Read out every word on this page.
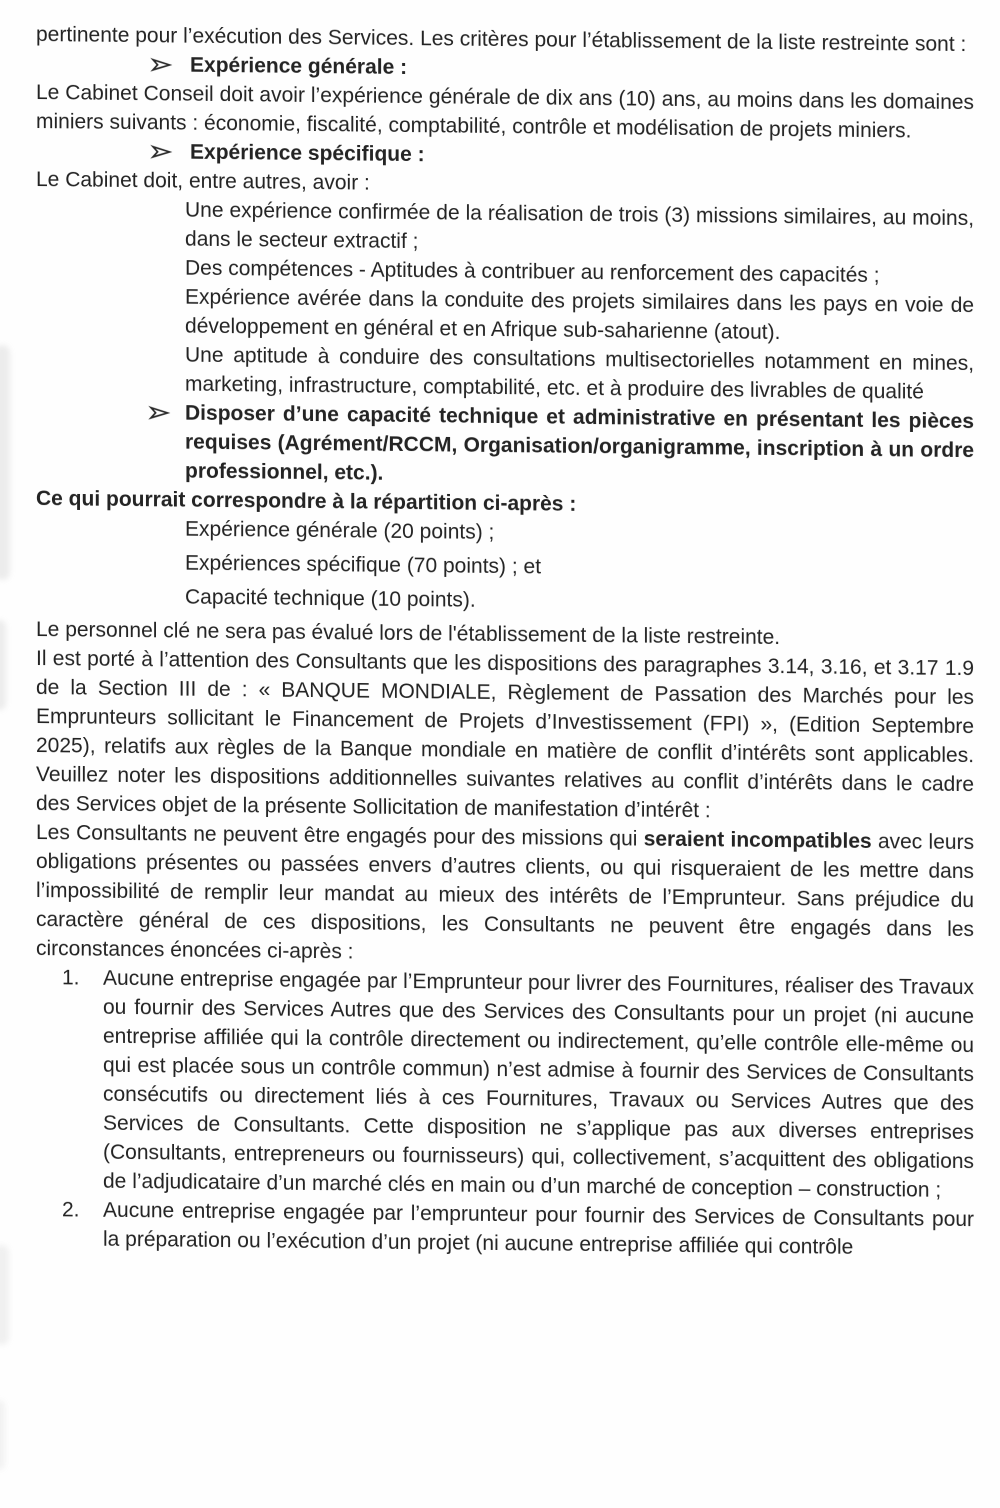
pertinente pour l’exécution des Services. Les critères pour l’établissement de la liste restreinte sont :

Expérience générale :

Le Cabinet Conseil doit avoir l’expérience générale de dix ans (10) ans, au moins dans les domaines miniers suivants : économie, fiscalité, comptabilité, contrôle et modélisation de projets miniers.

Expérience spécifique :

Le Cabinet doit, entre autres, avoir :

Une expérience confirmée de la réalisation de trois (3) missions similaires, au moins, dans le secteur extractif ;
Des compétences - Aptitudes à contribuer au renforcement des capacités ;
Expérience avérée dans la conduite des projets similaires dans les pays en voie de développement en général et en Afrique sub-saharienne (atout).
Une aptitude à conduire des consultations multisectorielles notamment en mines, marketing, infrastructure, comptabilité, etc. et à produire des livrables de qualité
Disposer d’une capacité technique et administrative en présentant les pièces requises (Agrément/RCCM, Organisation/organigramme, inscription à un ordre professionnel, etc.).

Ce qui pourrait correspondre à la répartition ci-après :

Expérience générale (20 points) ;
Expériences spécifique (70 points) ; et
Capacité technique (10 points).

Le personnel clé ne sera pas évalué lors de l'établissement de la liste restreinte.

Il est porté à l’attention des Consultants que les dispositions des paragraphes 3.14, 3.16, et 3.17 1.9 de la Section III de : « BANQUE MONDIALE, Règlement de Passation des Marchés pour les Emprunteurs sollicitant le Financement de Projets d’Investissement (FPI) », (Edition Septembre 2025), relatifs aux règles de la Banque mondiale en matière de conflit d’intérêts sont applicables. Veuillez noter les dispositions additionnelles suivantes relatives au conflit d’intérêts dans le cadre des Services objet de la présente Sollicitation de manifestation d’intérêt :

Les Consultants ne peuvent être engagés pour des missions qui seraient incompatibles avec leurs obligations présentes ou passées envers d’autres clients, ou qui risqueraient de les mettre dans l’impossibilité de remplir leur mandat au mieux des intérêts de l’Emprunteur. Sans préjudice du caractère général de ces dispositions, les Consultants ne peuvent être engagés dans les circonstances énoncées ci-après :

1.	Aucune entreprise engagée par l’Emprunteur pour livrer des Fournitures, réaliser des Travaux ou fournir des Services Autres que des Services des Consultants pour un projet (ni aucune entreprise affiliée qui la contrôle directement ou indirectement, qu’elle contrôle elle-même ou qui est placée sous un contrôle commun) n’est admise à fournir des Services de Consultants consécutifs ou directement liés à ces Fournitures, Travaux ou Services Autres que des Services de Consultants. Cette disposition ne s’applique pas aux diverses entreprises (Consultants, entrepreneurs ou fournisseurs) qui, collectivement, s’acquittent des obligations de l’adjudicataire d’un marché clés en main ou d’un marché de conception – construction ;
2.	Aucune entreprise engagée par l’emprunteur pour fournir des Services de Consultants pour la préparation ou l’exécution d’un projet (ni aucune entreprise affiliée qui contrôle
